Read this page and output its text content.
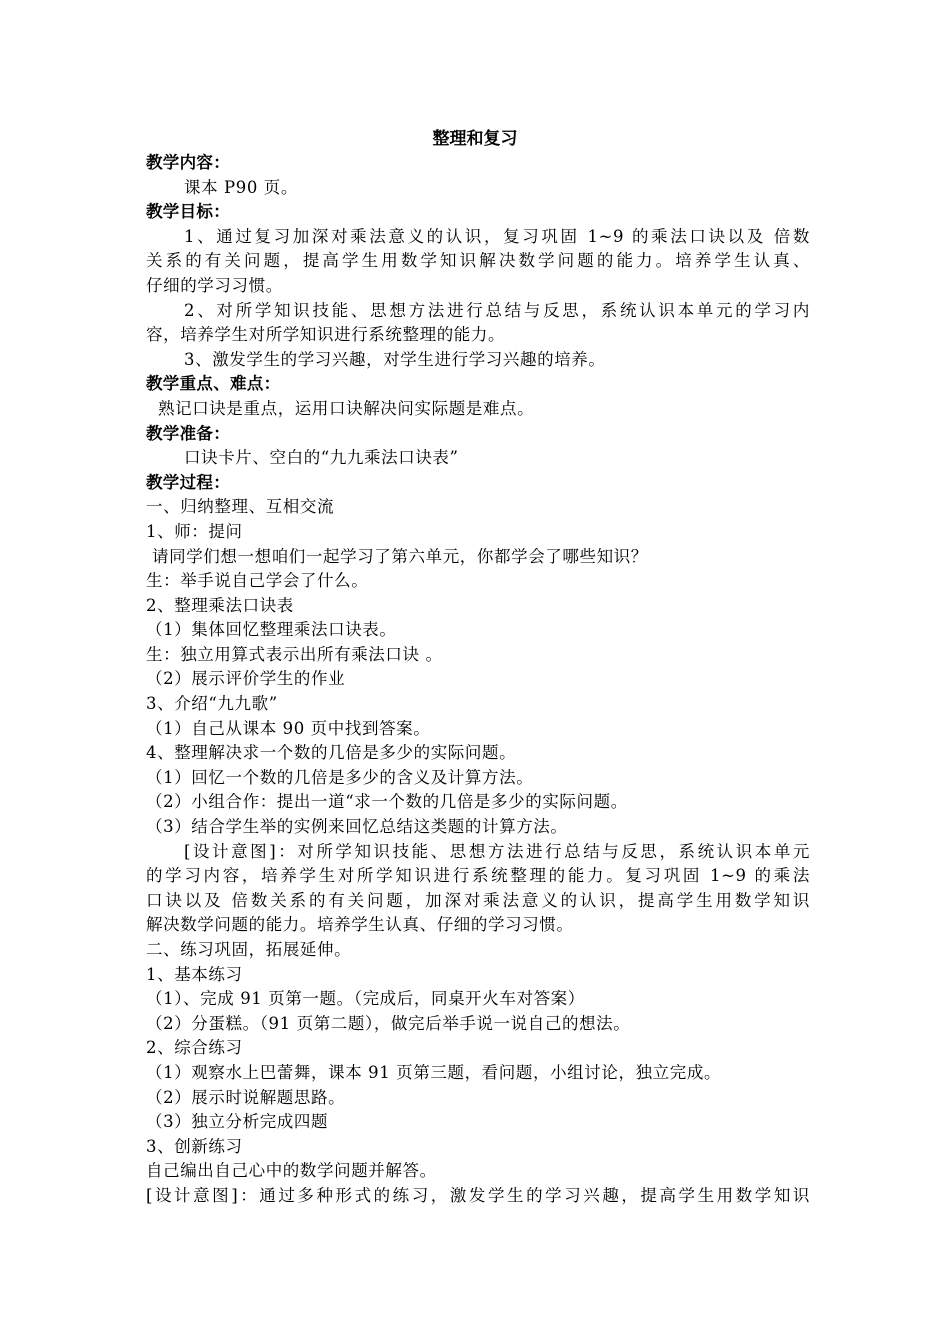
整理和复习
教学内容：
课本 P90 页。
教学目标：
1、通过复习加深对乘法意义的认识，复习巩固 1~9 的乘法口诀以及 倍数
关系的有关问题，提高学生用数学知识解决数学问题的能力。培养学生认真、
仔细的学习习惯。
2、对所学知识技能、思想方法进行总结与反思，系统认识本单元的学习内
容，培养学生对所学知识进行系统整理的能力。
3、激发学生的学习兴趣，对学生进行学习兴趣的培养。
教学重点、难点：
熟记口诀是重点，运用口诀解决问实际题是难点。
教学准备：
口诀卡片、空白的“九九乘法口诀表”
教学过程：
一、归纳整理、互相交流
1、师：提问
请同学们想一想咱们一起学习了第六单元，你都学会了哪些知识？
生：举手说自己学会了什么。
2、整理乘法口诀表
（1）集体回忆整理乘法口诀表。
生：独立用算式表示出所有乘法口诀 。
（2）展示评价学生的作业
3、介绍“九九歌”
（1）自己从课本 90 页中找到答案。
4、整理解决求一个数的几倍是多少的实际问题。
（1）回忆一个数的几倍是多少的含义及计算方法。
（2）小组合作：提出一道“求一个数的几倍是多少的实际问题。
（3）结合学生举的实例来回忆总结这类题的计算方法。
[设计意图]：对所学知识技能、思想方法进行总结与反思，系统认识本单元
的学习内容，培养学生对所学知识进行系统整理的能力。复习巩固 1~9 的乘法
口诀以及 倍数关系的有关问题，加深对乘法意义的认识，提高学生用数学知识
解决数学问题的能力。培养学生认真、仔细的学习习惯。
二、练习巩固，拓展延伸。
1、基本练习
（1）、完成 91 页第一题。（完成后，同桌开火车对答案）
（2）分蛋糕。（91 页第二题），做完后举手说一说自己的想法。
2、综合练习
（1）观察水上巴蕾舞，课本 91 页第三题，看问题，小组讨论，独立完成。
（2）展示时说解题思路。
（3）独立分析完成四题
3、创新练习
自己编出自己心中的数学问题并解答。
[设计意图]：通过多种形式的练习，激发学生的学习兴趣，提高学生用数学知识
